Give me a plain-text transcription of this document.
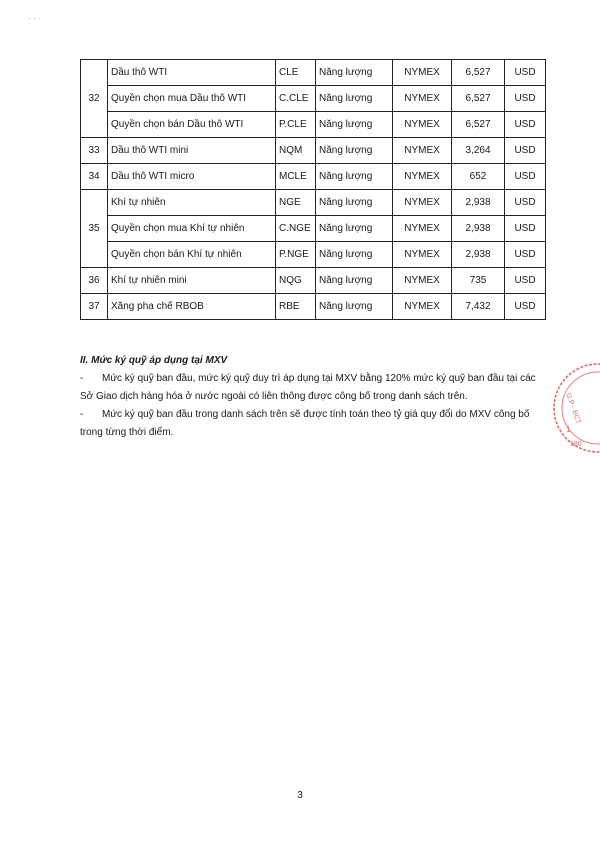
· · ·
32	Dầu thô WTI	CLE	Năng lượng	NYMEX	6,527	USD
	Quyền chọn mua Dầu thô WTI	C.CLE	Năng lượng	NYMEX	6,527	USD
	Quyền chọn bán Dầu thô WTI	P.CLE	Năng lượng	NYMEX	6,527	USD
33	Dầu thô WTI mini	NQM	Năng lượng	NYMEX	3,264	USD
34	Dầu thô WTI micro	MCLE	Năng lượng	NYMEX	652	USD
35	Khí tự nhiên	NGE	Năng lượng	NYMEX	2,938	USD
	Quyền chọn mua Khí tự nhiên	C.NGE	Năng lượng	NYMEX	2,938	USD
	Quyền chọn bán Khí tự nhiên	P.NGE	Năng lượng	NYMEX	2,938	USD
36	Khí tự nhiên mini	NQG	Năng lượng	NYMEX	735	USD
37	Xăng pha chế RBOB	RBE	Năng lượng	NYMEX	7,432	USD
II. Mức ký quỹ áp dụng tại MXV
- Mức ký quỹ ban đầu, mức ký quỹ duy trì áp dụng tại MXV bằng 120% mức ký quỹ ban đầu tại các Sở Giao dịch hàng hóa ở nước ngoài có liên thông được công bố trong danh sách trên.
- Mức ký quỹ ban đầu trong danh sách trên sẽ được tính toán theo tỷ giá quy đổi do MXV công bố trong từng thời điểm.
G.P - BCT
1
180
3
